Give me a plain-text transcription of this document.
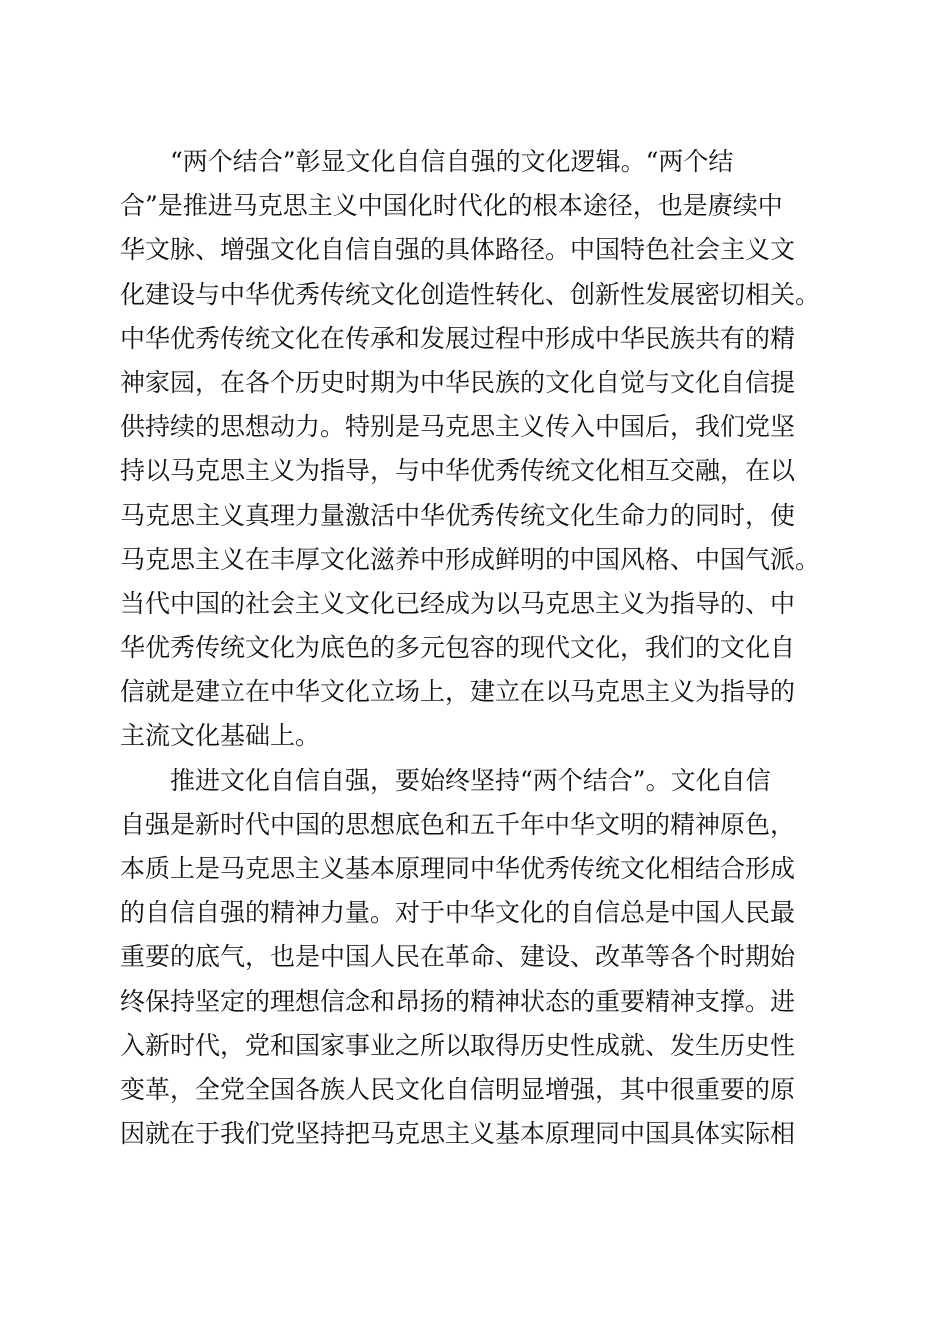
“两个结合”彰显文化自信自强的文化逻辑。“两个结
合”是推进马克思主义中国化时代化的根本途径，也是赓续中
华文脉、增强文化自信自强的具体路径。中国特色社会主义文
化建设与中华优秀传统文化创造性转化、创新性发展密切相关。
中华优秀传统文化在传承和发展过程中形成中华民族共有的精
神家园，在各个历史时期为中华民族的文化自觉与文化自信提
供持续的思想动力。特别是马克思主义传入中国后，我们党坚
持以马克思主义为指导，与中华优秀传统文化相互交融，在以
马克思主义真理力量激活中华优秀传统文化生命力的同时，使
马克思主义在丰厚文化滋养中形成鲜明的中国风格、中国气派。
当代中国的社会主义文化已经成为以马克思主义为指导的、中
华优秀传统文化为底色的多元包容的现代文化，我们的文化自
信就是建立在中华文化立场上，建立在以马克思主义为指导的
主流文化基础上。
推进文化自信自强，要始终坚持“两个结合”。文化自信
自强是新时代中国的思想底色和五千年中华文明的精神原色，
本质上是马克思主义基本原理同中华优秀传统文化相结合形成
的自信自强的精神力量。对于中华文化的自信总是中国人民最
重要的底气，也是中国人民在革命、建设、改革等各个时期始
终保持坚定的理想信念和昂扬的精神状态的重要精神支撑。进
入新时代，党和国家事业之所以取得历史性成就、发生历史性
变革，全党全国各族人民文化自信明显增强，其中很重要的原
因就在于我们党坚持把马克思主义基本原理同中国具体实际相
